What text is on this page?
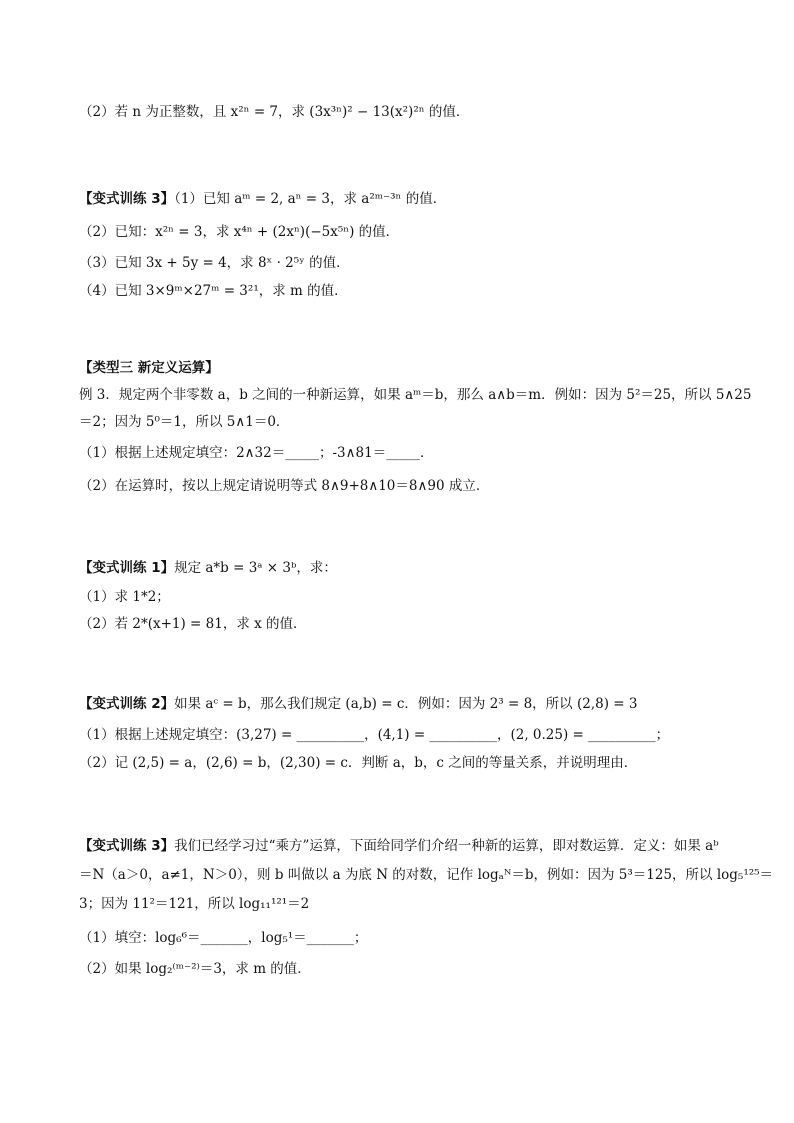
（2）若 n 为正整数，且 x²ⁿ = 7，求 (3x³ⁿ)² − 13(x²)²ⁿ 的值．
【变式训练 3】（1）已知 aᵐ = 2, aⁿ = 3，求 a²ᵐ⁻³ⁿ 的值．
（2）已知：x²ⁿ = 3，求 x⁴ⁿ + (2xⁿ)(−5x⁵ⁿ) 的值．
（3）已知 3x + 5y = 4，求 8ˣ · 2⁵ʸ 的值．
（4）已知 3×9ᵐ×27ᵐ = 3²¹，求 m 的值．
【类型三 新定义运算】
例 3．规定两个非零数 a，b 之间的一种新运算，如果 aᵐ＝b，那么 a∧b＝m．例如：因为 5²＝25，所以 5∧25
＝2；因为 5⁰＝1，所以 5∧1＝0．
（1）根据上述规定填空：2∧32＝_____；-3∧81＝_____．
（2）在运算时，按以上规定请说明等式 8∧9+8∧10＝8∧90 成立．
【变式训练 1】规定 a*b = 3ᵃ × 3ᵇ，求：
（1）求 1*2；
（2）若 2*(x+1) = 81，求 x 的值．
【变式训练 2】如果 aᶜ = b，那么我们规定 (a,b) = c．例如：因为 2³ = 8，所以 (2,8) = 3
（1）根据上述规定填空：(3,27) = __________，(4,1) = __________，(2, 0.25) = __________；
（2）记 (2,5) = a，(2,6) = b，(2,30) = c．判断 a，b，c 之间的等量关系，并说明理由．
【变式训练 3】我们已经学习过“乘方”运算，下面给同学们介绍一种新的运算，即对数运算．定义：如果 aᵇ
＝N（a＞0，a≠1，N＞0），则 b 叫做以 a 为底 N 的对数，记作 logₐᴺ＝b，例如：因为 5³＝125，所以 log₅¹²⁵＝
3；因为 11²＝121，所以 log₁₁¹²¹＝2
（1）填空：log₆⁶＝_______，log₅¹＝_______；
（2）如果 log₂⁽ᵐ⁻²⁾＝3，求 m 的值．
